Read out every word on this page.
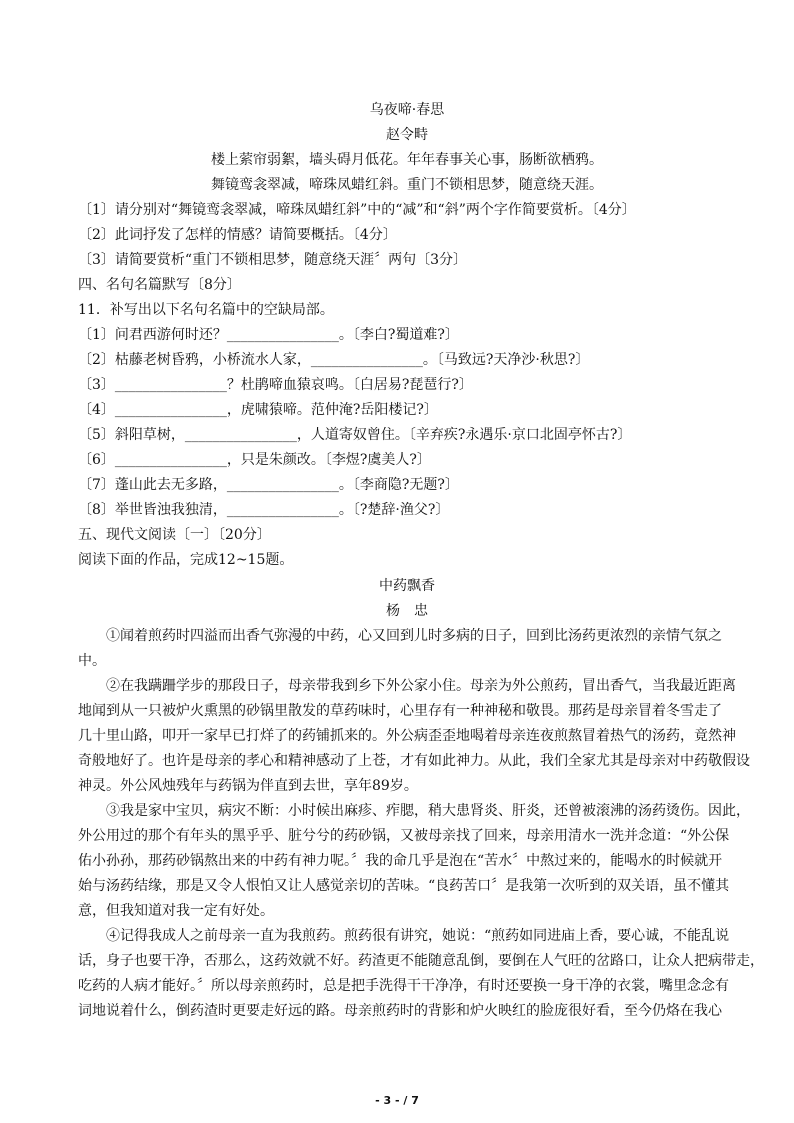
乌夜啼·春思
赵令畤
楼上萦帘弱絮，墙头碍月低花。年年春事关心事，肠断欲栖鸦。
舞镜鸾衾翠减，啼珠凤蜡红斜。重门不锁相思梦，随意绕天涯。
〔1〕请分别对“舞镜鸾衾翠减，啼珠凤蜡红斜”中的“减”和“斜”两个字作简要赏析。〔4分〕
〔2〕此词抒发了怎样的情感？请简要概括。〔4分〕
〔3〕请简要赏析“重门不锁相思梦，随意绕天涯〞两句〔3分〕
四、名句名篇默写〔8分〕
11．补写出以下名句名篇中的空缺局部。
〔1〕问君西游何时还？________________。〔李白?蜀道难?〕
〔2〕枯藤老树昏鸦，小桥流水人家，________________。〔马致远?天净沙·秋思?〕
〔3〕________________？杜鹃啼血猿哀鸣。〔白居易?琵琶行?〕
〔4〕________________，虎啸猿啼。范仲淹?岳阳楼记?〕
〔5〕斜阳草树，________________，人道寄奴曾住。〔辛弃疾?永遇乐·京口北固亭怀古?〕
〔6〕________________，只是朱颜改。〔李煜?虞美人?〕
〔7〕蓬山此去无多路，________________。〔李商隐?无题?〕
〔8〕举世皆浊我独清，________________。〔?楚辞·渔父?〕
五、现代文阅读〔一〕〔20分〕
阅读下面的作品，完成12~15题。
中药飘香
杨　忠
　　①闻着煎药时四溢而出香气弥漫的中药，心又回到儿时多病的日子，回到比汤药更浓烈的亲情气氛之
中。
　　②在我蹒跚学步的那段日子，母亲带我到乡下外公家小住。母亲为外公煎药，冒出香气，当我最近距离
地闻到从一只被炉火熏黑的砂锅里散发的草药味时，心里存有一种神秘和敬畏。那药是母亲冒着冬雪走了
几十里山路，叩开一家早已打烊了的药铺抓来的。外公病歪歪地喝着母亲连夜煎熬冒着热气的汤药，竟然神
奇般地好了。也许是母亲的孝心和精神感动了上苍，才有如此神力。从此，我们全家尤其是母亲对中药敬假设
神灵。外公风烛残年与药锅为伴直到去世，享年89岁。
　　③我是家中宝贝，病灾不断：小时候出麻疹、痄腮，稍大患肾炎、肝炎，还曾被滚沸的汤药烫伤。因此，
外公用过的那个有年头的黑乎乎、脏兮兮的药砂锅，又被母亲找了回来，母亲用清水一洗并念道：“外公保
佑小孙孙，那药砂锅熬出来的中药有神力呢。〞我的命几乎是泡在“苦水〞中熬过来的，能喝水的时候就开
始与汤药结缘，那是又令人恨怕又让人感觉亲切的苦味。“良药苦口〞是我第一次听到的双关语，虽不懂其
意，但我知道对我一定有好处。
　　④记得我成人之前母亲一直为我煎药。煎药很有讲究，她说：“煎药如同进庙上香，要心诚，不能乱说
话，身子也要干净，否那么，这药效就不好。药渣更不能随意乱倒，要倒在人气旺的岔路口，让众人把病带走，
吃药的人病才能好。〞所以母亲煎药时，总是把手洗得干干净净，有时还要换一身干净的衣裳，嘴里念念有
词地说着什么，倒药渣时更要走好远的路。母亲煎药时的背影和炉火映红的脸庞很好看，至今仍烙在我心
- 3 - / 7
